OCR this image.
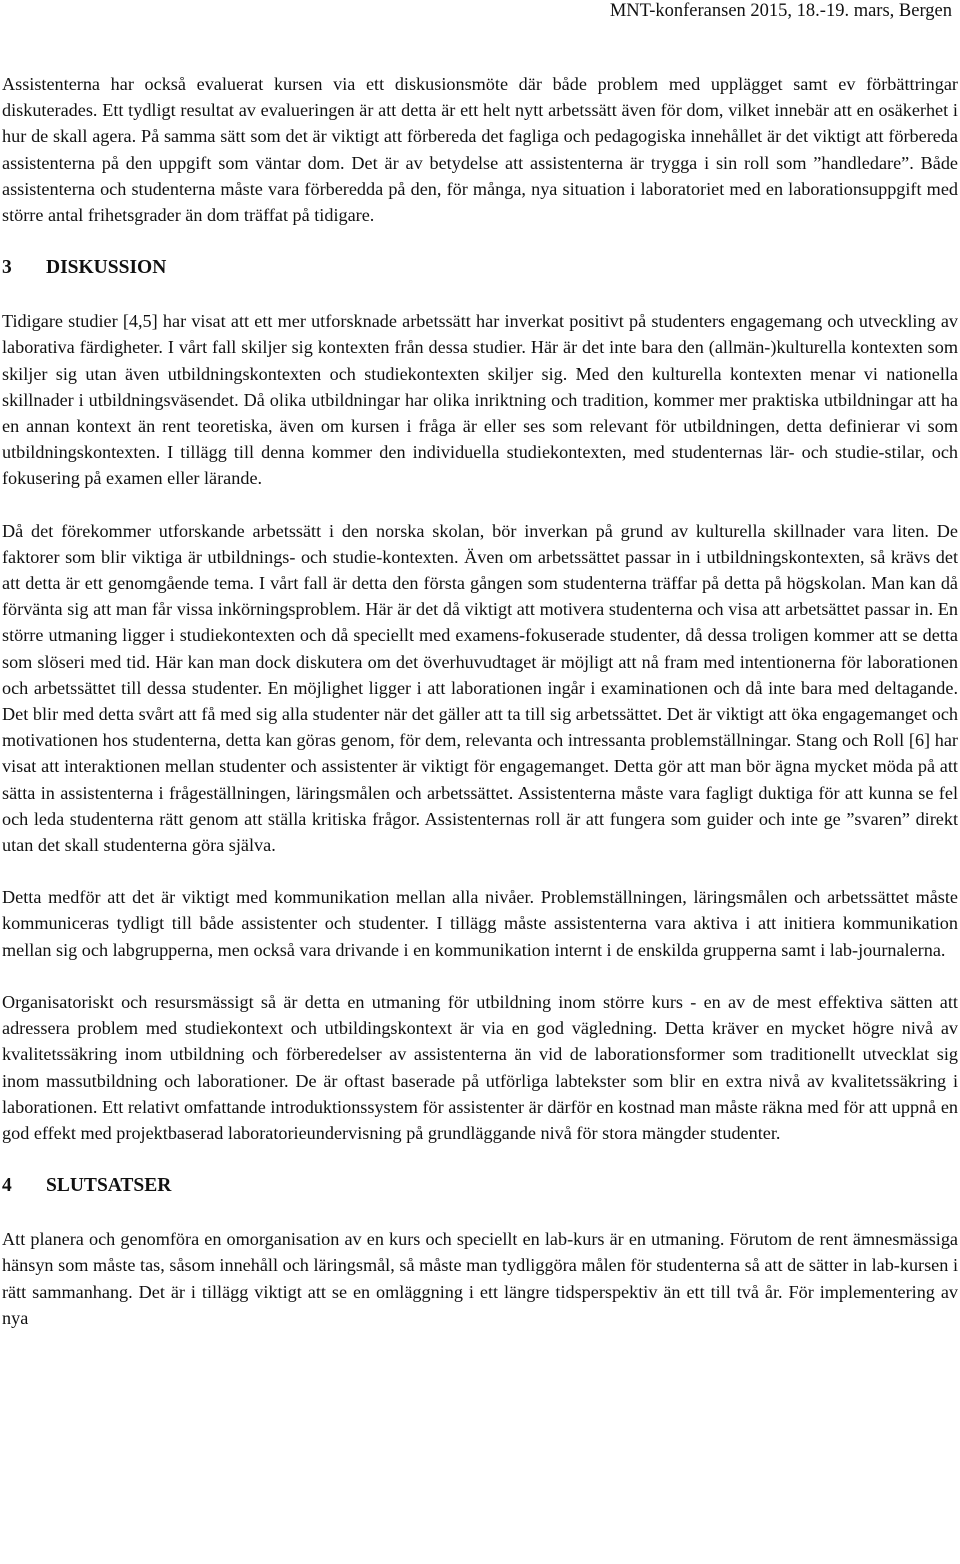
MNT-konferansen 2015, 18.-19. mars, Bergen

Assistenterna har också evaluerat kursen via ett diskusionsmöte där både problem med upplägget samt ev förbättringar diskuterades. Ett tydligt resultat av evalueringen är att detta är ett helt nytt arbetssätt även för dom, vilket innebär att en osäkerhet i hur de skall agera. På samma sätt som det är viktigt att förbereda det fagliga och pedagogiska innehållet är det viktigt att förbereda assistenterna på den uppgift som väntar dom. Det är av betydelse att assistenterna är trygga i sin roll som ”handledare”. Både assistenterna och studenterna måste vara förberedda på den, för många, nya situation i laboratoriet med en laborationsuppgift med större antal frihetsgrader än dom träffat på tidigare.

3 DISKUSSION

Tidigare studier [4,5] har visat att ett mer utforsknade arbetssätt har inverkat positivt på studenters engagemang och utveckling av laborativa färdigheter. I vårt fall skiljer sig kontexten från dessa studier. Här är det inte bara den (allmän-)kulturella kontexten som skiljer sig utan även utbildningskontexten och studiekontexten skiljer sig. Med den kulturella kontexten menar vi nationella skillnader i utbildningsväsendet. Då olika utbildningar har olika inriktning och tradition, kommer mer praktiska utbildningar att ha en annan kontext än rent teoretiska, även om kursen i fråga är eller ses som relevant för utbildningen, detta definierar vi som utbildningskontexten. I tillägg till denna kommer den individuella studiekontexten, med studenternas lär- och studie-stilar, och fokusering på examen eller lärande.

Då det förekommer utforskande arbetssätt i den norska skolan, bör inverkan på grund av kulturella skillnader vara liten. De faktorer som blir viktiga är utbildnings- och studie-kontexten. Även om arbetssättet passar in i utbildningskontexten, så krävs det att detta är ett genomgående tema. I vårt fall är detta den första gången som studenterna träffar på detta på högskolan. Man kan då förvänta sig att man får vissa inkörningsproblem. Här är det då viktigt att motivera studenterna och visa att arbetsättet passar in. En större utmaning ligger i studiekontexten och då speciellt med examens-fokuserade studenter, då dessa troligen kommer att se detta som slöseri med tid. Här kan man dock diskutera om det överhuvudtaget är möjligt att nå fram med intentionerna för laborationen och arbetssättet till dessa studenter. En möjlighet ligger i att laborationen ingår i examinationen och då inte bara med deltagande. Det blir med detta svårt att få med sig alla studenter när det gäller att ta till sig arbetssättet. Det är viktigt att öka engagemanget och motivationen hos studenterna, detta kan göras genom, för dem, relevanta och intressanta problemställningar. Stang och Roll [6] har visat att interaktionen mellan studenter och assistenter är viktigt för engagemanget. Detta gör att man bör ägna mycket möda på att sätta in assistenterna i frågeställningen, läringsmålen och arbetssättet. Assistenterna måste vara fagligt duktiga för att kunna se fel och leda studenterna rätt genom att ställa kritiska frågor. Assistenternas roll är att fungera som guider och inte ge ”svaren” direkt utan det skall studenterna göra själva.

Detta medför att det är viktigt med kommunikation mellan alla nivåer. Problemställningen, läringsmålen och arbetssättet måste kommuniceras tydligt till både assistenter och studenter. I tillägg måste assistenterna vara aktiva i att initiera kommunikation mellan sig och labgrupperna, men också vara drivande i en kommunikation internt i de enskilda grupperna samt i lab-journalerna.

Organisatoriskt och resursmässigt så är detta en utmaning för utbildning inom större kurs - en av de mest effektiva sätten att adressera problem med studiekontext och utbildingskontext är via en god vägledning. Detta kräver en mycket högre nivå av kvalitetssäkring inom utbildning och förberedelser av assistenterna än vid de laborationsformer som traditionellt utvecklat sig inom massutbildning och laborationer. De är oftast baserade på utförliga labtekster som blir en extra nivå av kvalitetssäkring i laborationen. Ett relativt omfattande introduktionssystem för assistenter är därför en kostnad man måste räkna med för att uppnå en god effekt med projektbaserad laboratorieundervisning på grundläggande nivå för stora mängder studenter.

4 SLUTSATSER

Att planera och genomföra en omorganisation av en kurs och speciellt en lab-kurs är en utmaning. Förutom de rent ämnesmässiga hänsyn som måste tas, såsom innehåll och läringsmål, så måste man tydliggöra målen för studenterna så att de sätter in lab-kursen i rätt sammanhang. Det är i tillägg viktigt att se en omläggning i ett längre tidsperspektiv än ett till två år. För implementering av nya
